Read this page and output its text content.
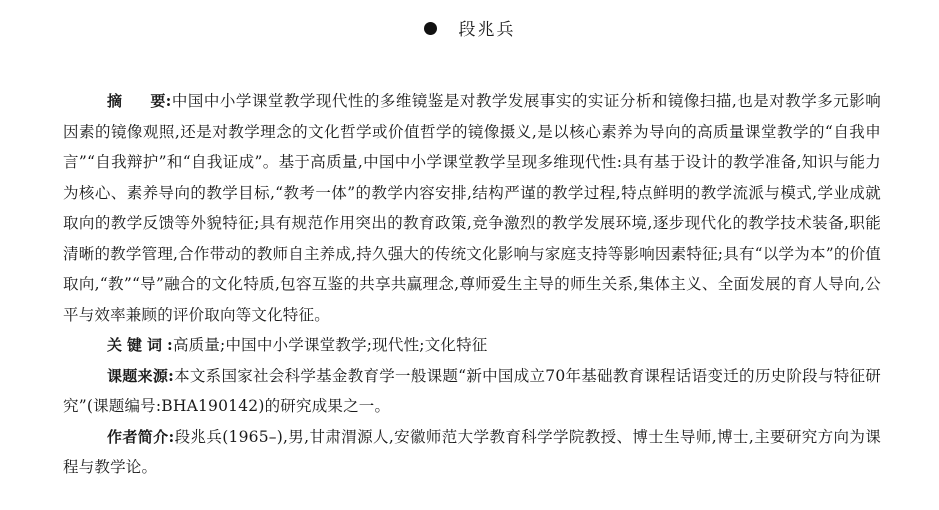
段兆兵

摘要:中国中小学课堂教学现代性的多维镜鉴是对教学发展事实的实证分析和镜像扫描,也是对教学多元影响因素的镜像观照,还是对教学理念的文化哲学或价值哲学的镜像摄义,是以核心素养为导向的高质量课堂教学的“自我申言”“自我辩护”和“自我证成”。基于高质量,中国中小学课堂教学呈现多维现代性:具有基于设计的教学准备,知识与能力为核心、素养导向的教学目标,“教考一体”的教学内容安排,结构严谨的教学过程,特点鲜明的教学流派与模式,学业成就取向的教学反馈等外貌特征;具有规范作用突出的教育政策,竞争激烈的教学发展环境,逐步现代化的教学技术装备,职能清晰的教学管理,合作带动的教师自主养成,持久强大的传统文化影响与家庭支持等影响因素特征;具有“以学为本”的价值取向,“教”“导”融合的文化特质,包容互鉴的共享共赢理念,尊师爱生主导的师生关系,集体主义、全面发展的育人导向,公平与效率兼顾的评价取向等文化特征。

关键词:高质量;中国中小学课堂教学;现代性;文化特征

课题来源:本文系国家社会科学基金教育学一般课题“新中国成立70年基础教育课程话语变迁的历史阶段与特征研究”(课题编号:BHA190142)的研究成果之一。

作者简介:段兆兵(1965–),男,甘肃渭源人,安徽师范大学教育科学学院教授、博士生导师,博士,主要研究方向为课程与教学论。
